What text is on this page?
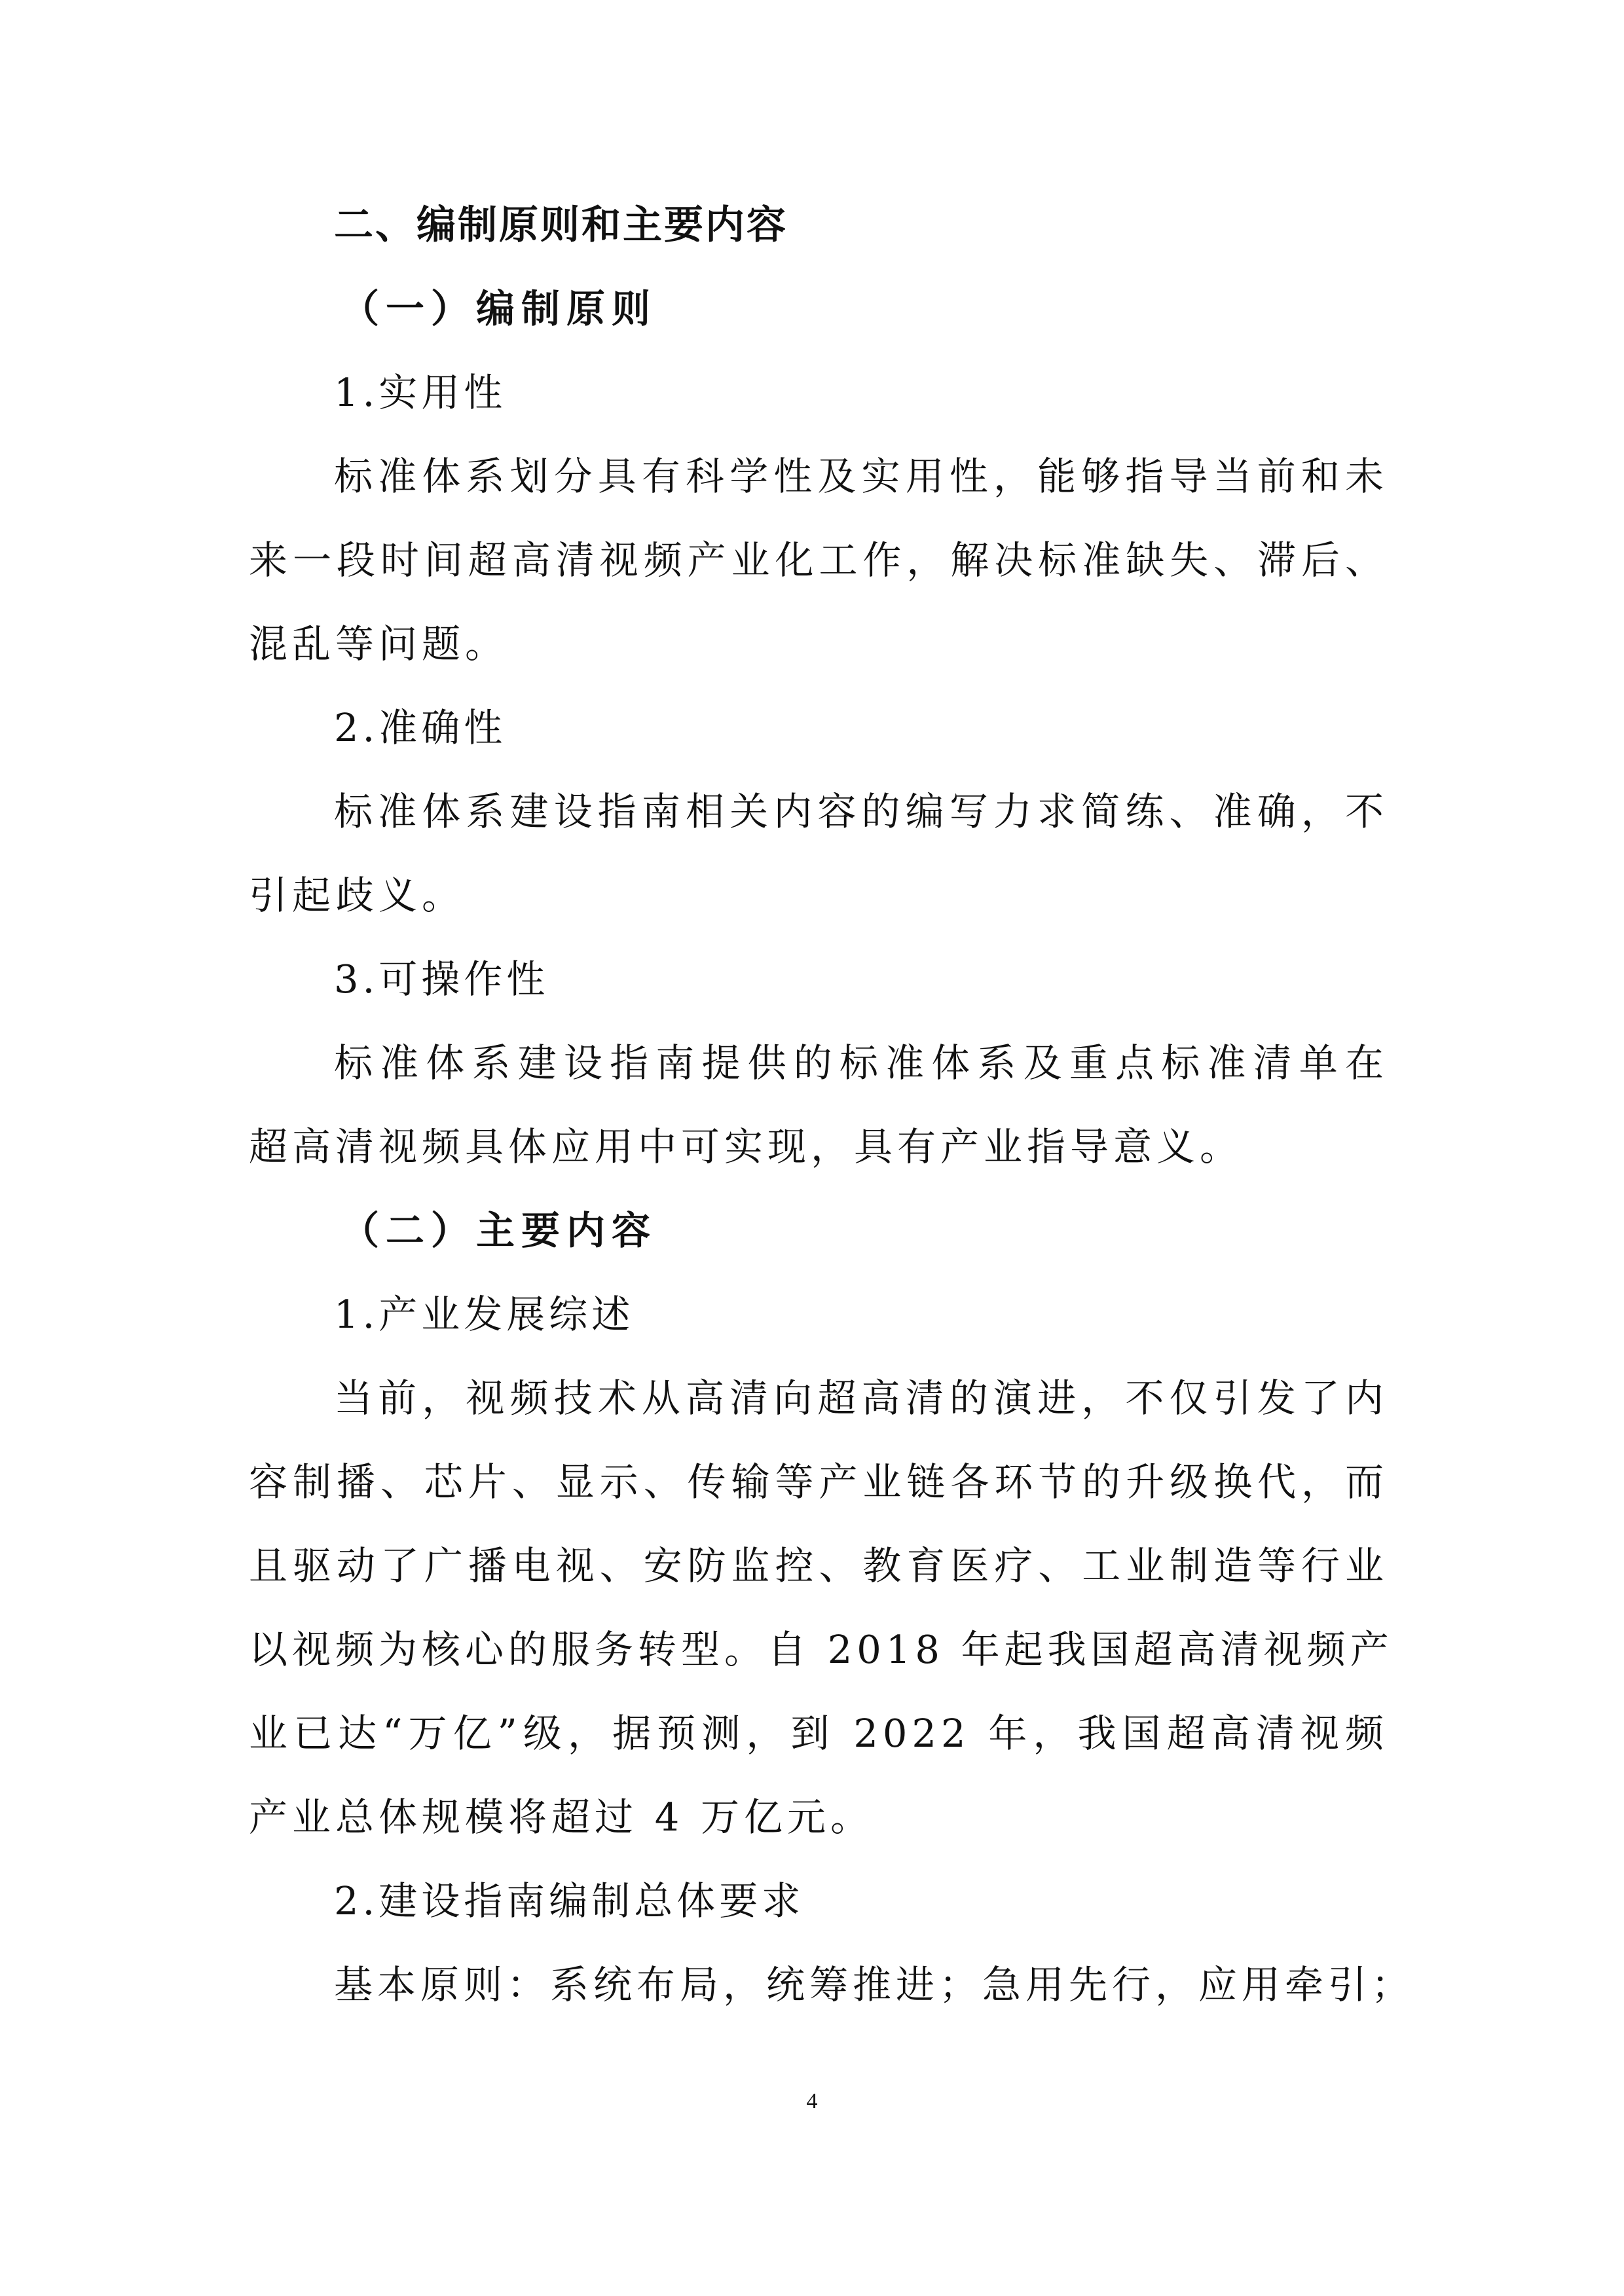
二、编制原则和主要内容
（一）编制原则
1.实用性
标准体系划分具有科学性及实用性，能够指导当前和未
来一段时间超高清视频产业化工作，解决标准缺失、滞后、
混乱等问题。
2.准确性
标准体系建设指南相关内容的编写力求简练、准确，不
引起歧义。
3.可操作性
标准体系建设指南提供的标准体系及重点标准清单在
超高清视频具体应用中可实现，具有产业指导意义。
（二）主要内容
1.产业发展综述
当前，视频技术从高清向超高清的演进，不仅引发了内
容制播、芯片、显示、传输等产业链各环节的升级换代，而
且驱动了广播电视、安防监控、教育医疗、工业制造等行业
以视频为核心的服务转型。自 2018 年起我国超高清视频产
业已达“万亿”级，据预测，到 2022 年，我国超高清视频
产业总体规模将超过 4 万亿元。
2.建设指南编制总体要求
基本原则：系统布局，统筹推进；急用先行，应用牵引；
4
